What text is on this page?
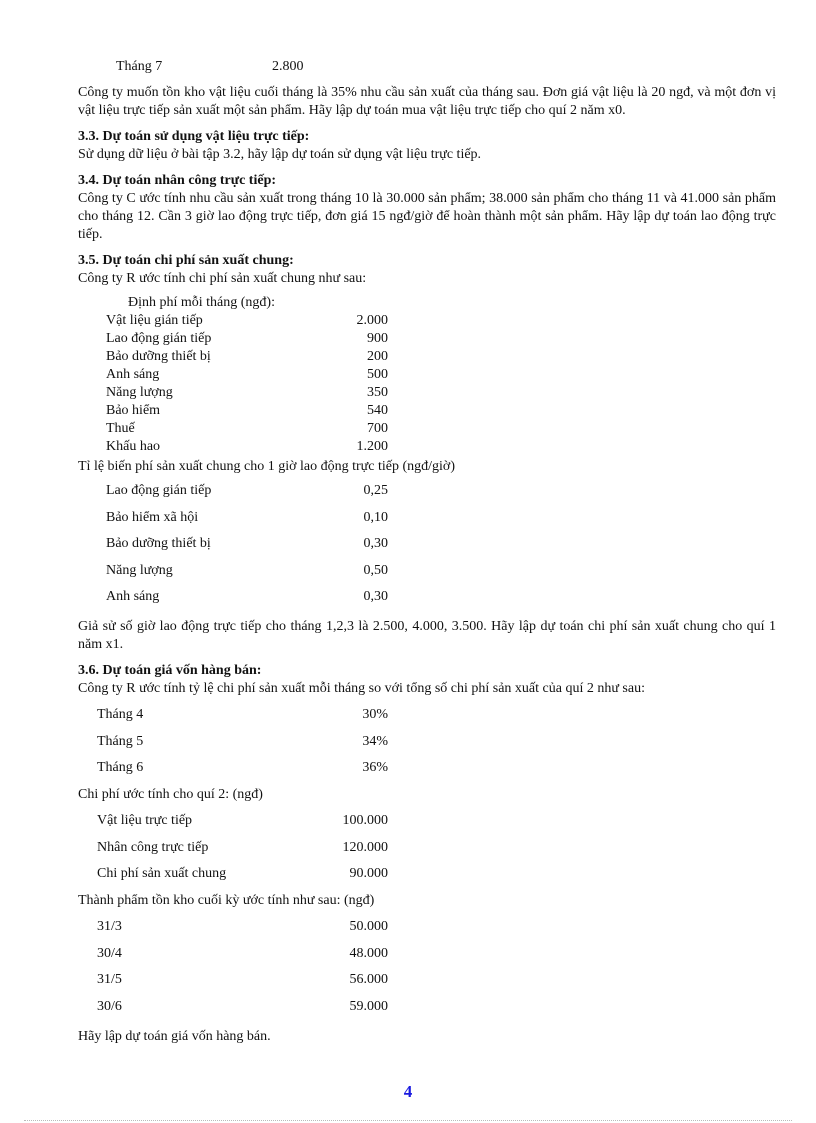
Tháng 7	2.800

Công ty muốn tồn kho vật liệu cuối tháng là 35% nhu cầu sản xuất của tháng sau. Đơn giá vật liệu là 20 ngđ, và một đơn vị vật liệu trực tiếp sản xuất một sản phẩm. Hãy lập dự toán mua vật liệu trực tiếp cho quí 2 năm x0.

3.3. Dự toán sử dụng vật liệu trực tiếp:

Sử dụng dữ liệu ở bài tập 3.2, hãy lập dự toán sử dụng vật liệu trực tiếp.

3.4. Dự toán nhân công trực tiếp:

Công ty C ước tính nhu cầu sản xuất trong tháng 10 là 30.000 sản phẩm; 38.000 sản phẩm cho tháng 11 và 41.000 sản phẩm cho tháng 12. Cần 3 giờ lao động trực tiếp, đơn giá 15 ngđ/giờ để hoàn thành một sản phẩm. Hãy lập dự toán lao động trực tiếp.

3.5. Dự toán chi phí sản xuất chung:

Công ty R ước tính chi phí sản xuất chung như sau:

Định phí mỗi tháng (ngđ):
Vật liệu gián tiếp	2.000
Lao động gián tiếp	900
Bảo dưỡng thiết bị	200
Anh sáng	500
Năng lượng	350
Bảo hiểm	540
Thuế	700
Khấu hao	1.200

Tỉ lệ biến phí sản xuất chung cho 1 giờ lao động trực tiếp (ngđ/giờ)

Lao động gián tiếp	0,25
Bảo hiểm xã hội	0,10
Bảo dưỡng thiết bị	0,30
Năng lượng	0,50
Anh sáng	0,30

Giả sử số giờ lao động trực tiếp cho tháng 1,2,3 là 2.500, 4.000, 3.500. Hãy lập dự toán chi phí sản xuất chung cho quí 1 năm x1.

3.6. Dự toán giá vốn hàng bán:

Công ty R ước tính tỷ lệ chi phí sản xuất mỗi tháng so với tổng số chi phí sản xuất của quí 2 như sau:

Tháng 4	30%
Tháng 5	34%
Tháng 6	36%
Chi phí ước tính cho quí 2: (ngđ)
Vật liệu trực tiếp	100.000
Nhân công trực tiếp	120.000
Chi phí sản xuất chung	90.000
Thành phẩm tồn kho cuối kỳ ước tính như sau: (ngđ)
31/3	50.000
30/4	48.000
31/5	56.000
30/6	59.000

Hãy lập dự toán giá vốn hàng bán.

4
